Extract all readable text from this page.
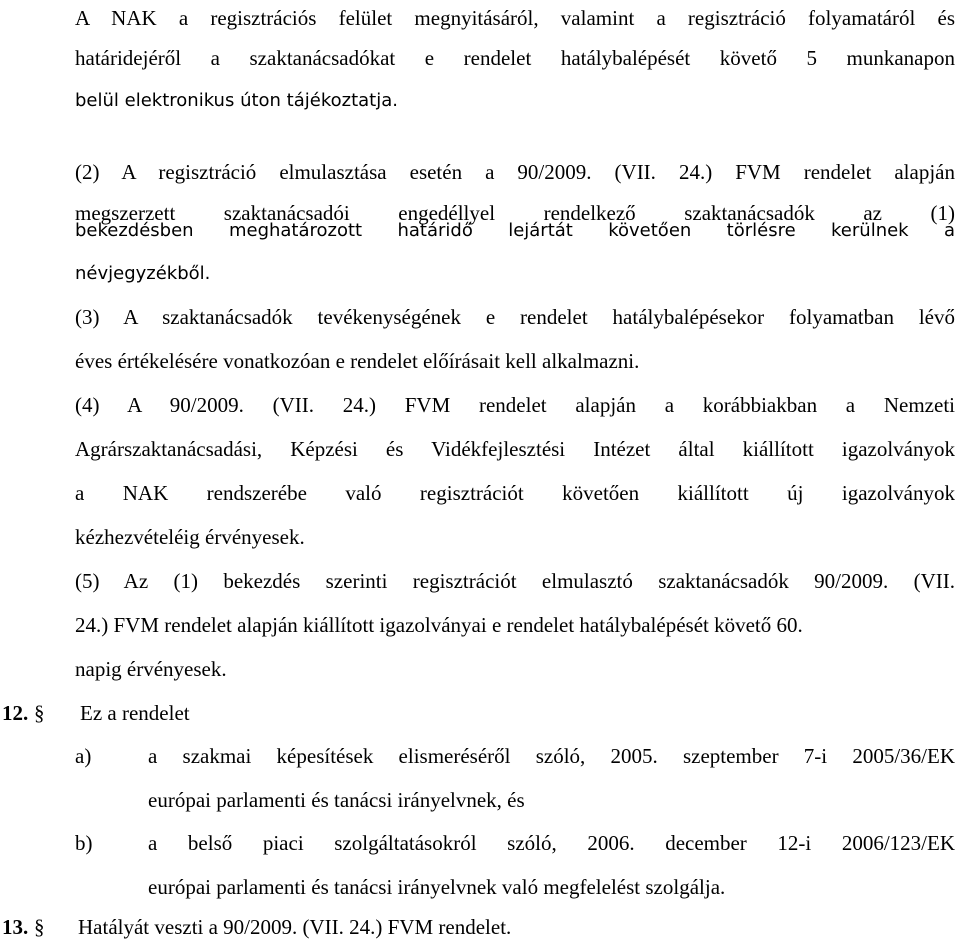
A NAK a regisztrációs felület megnyitásáról, valamint a regisztráció folyamatáról és
határidejéről a szaktanácsadókat e rendelet hatálybalépését követő 5 munkanapon
belül elektronikus úton tájékoztatja.
(2) A regisztráció elmulasztása esetén a 90/2009. (VII. 24.) FVM rendelet alapján
megszerzett szaktanácsadói engedéllyel rendelkező szaktanácsadók az (1)
bekezdésben meghatározott határidő lejártát követően törlésre kerülnek a
névjegyzékből.
(3) A szaktanácsadók tevékenységének e rendelet hatálybalépésekor folyamatban lévő
éves értékelésére vonatkozóan e rendelet előírásait kell alkalmazni.
(4) A 90/2009. (VII. 24.) FVM rendelet alapján a korábbiakban a Nemzeti
Agrárszaktanácsadási, Képzési és Vidékfejlesztési Intézet által kiállított igazolványok
a NAK rendszerébe való regisztrációt követően kiállított új igazolványok
kézhezvételéig érvényesek.
(5) Az (1) bekezdés szerinti regisztrációt elmulasztó szaktanácsadók 90/2009. (VII.
24.) FVM rendelet alapján kiállított igazolványai e rendelet hatálybalépését követő 60.
napig érvényesek.
12. § Ez a rendelet
a)	a szakmai képesítések elismeréséről szóló, 2005. szeptember 7-i 2005/36/EK
európai parlamenti és tanácsi irányelvnek, és
b)	a belső piaci szolgáltatásokról szóló, 2006. december 12-i 2006/123/EK
európai parlamenti és tanácsi irányelvnek való megfelelést szolgálja.
13. § Hatályát veszti a 90/2009. (VII. 24.) FVM rendelet.
